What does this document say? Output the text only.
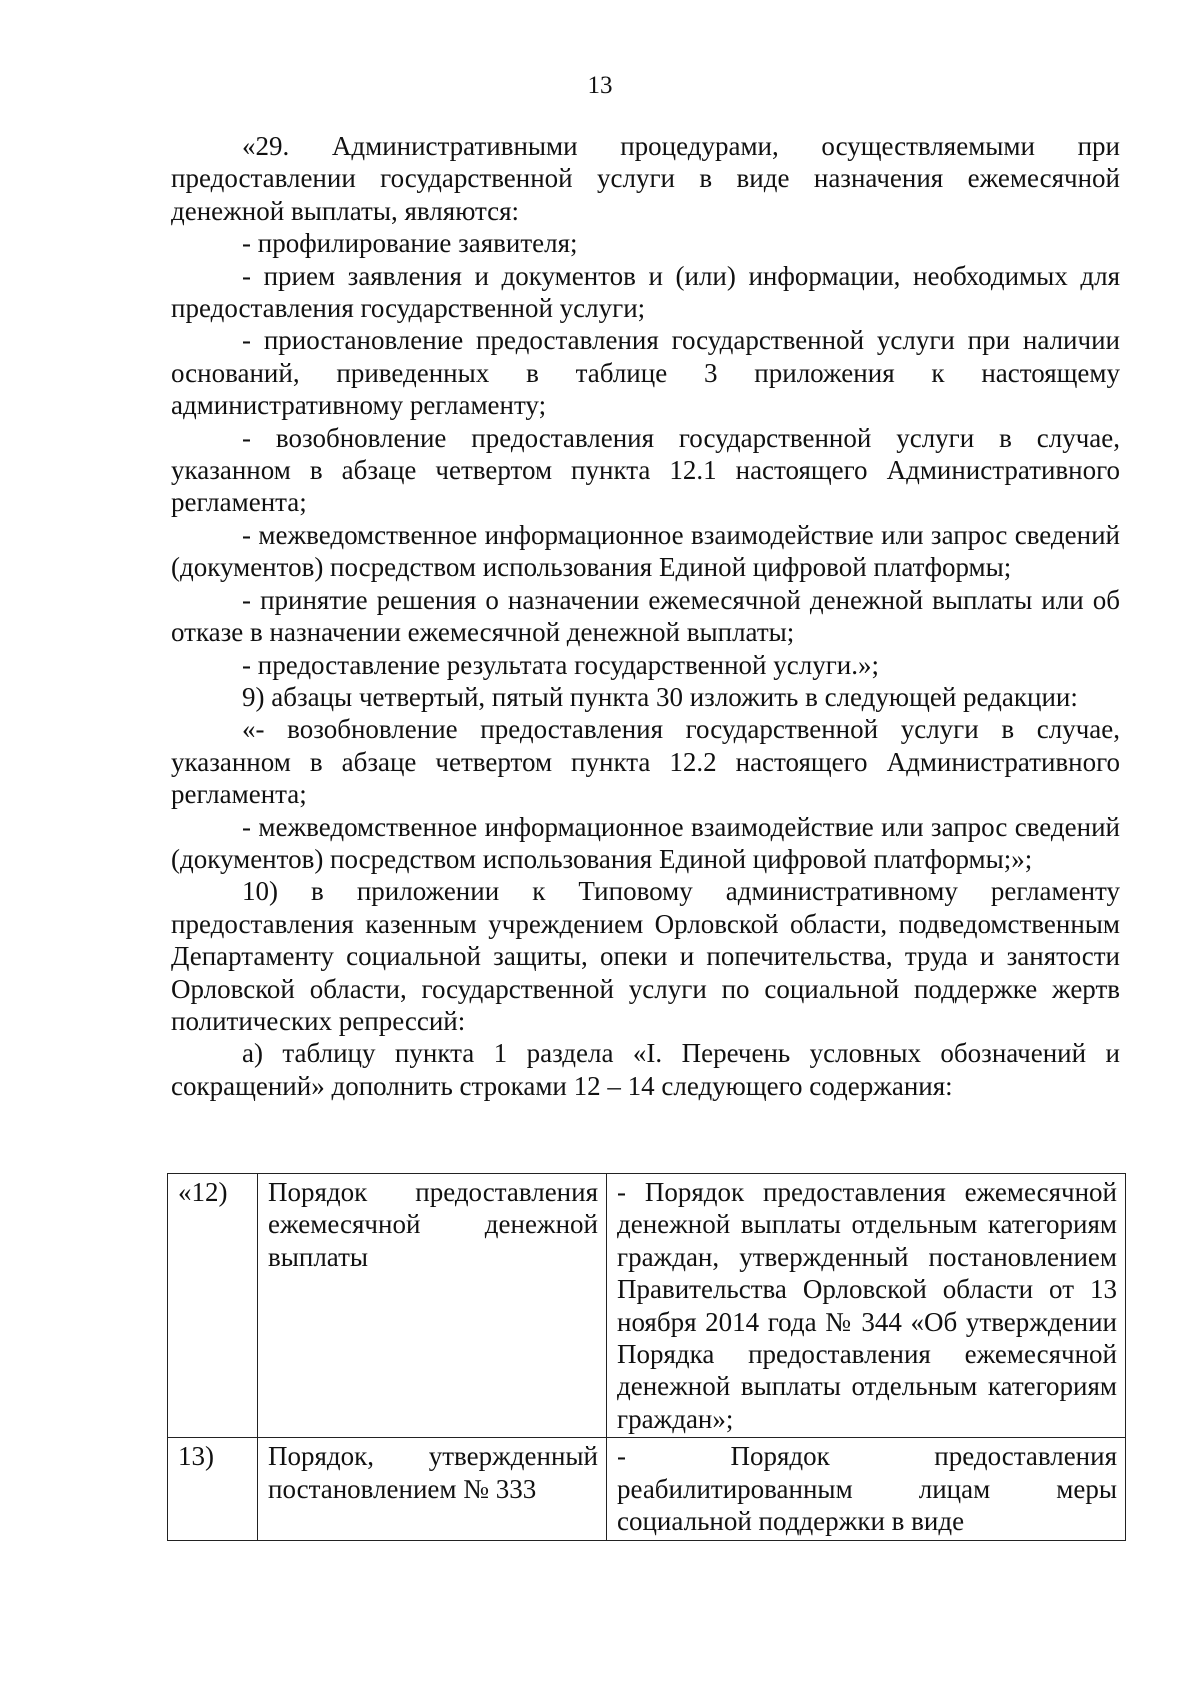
13

«29. Административными процедурами, осуществляемыми при предоставлении государственной услуги в виде назначения ежемесячной денежной выплаты, являются:

- профилирование заявителя;

- прием заявления и документов и (или) информации, необходимых для предоставления государственной услуги;

- приостановление предоставления государственной услуги при наличии оснований, приведенных в таблице 3 приложения к настоящему административному регламенту;

- возобновление предоставления государственной услуги в случае, указанном в абзаце четвертом пункта 12.1 настоящего Административного регламента;

- межведомственное информационное взаимодействие или запрос сведений (документов) посредством использования Единой цифровой платформы;

- принятие решения о назначении ежемесячной денежной выплаты или об отказе в назначении ежемесячной денежной выплаты;

- предоставление результата государственной услуги.»;

9) абзацы четвертый, пятый пункта 30 изложить в следующей редакции:

«- возобновление предоставления государственной услуги в случае, указанном в абзаце четвертом пункта 12.2 настоящего Административного регламента;

- межведомственное информационное взаимодействие или запрос сведений (документов) посредством использования Единой цифровой платформы;»;

10) в приложении к Типовому административному регламенту предоставления казенным учреждением Орловской области, подведомственным Департаменту социальной защиты, опеки и попечительства, труда и занятости Орловской области, государственной услуги по социальной поддержке жертв политических репрессий:

а) таблицу пункта 1 раздела «I. Перечень условных обозначений и сокращений» дополнить строками 12 – 14 следующего содержания:

«12)	Порядок предоставления ежемесячной денежной выплаты	- Порядок предоставления ежемесячной денежной выплаты отдельным категориям граждан, утвержденный постановлением Правительства Орловской области от 13 ноября 2014 года № 344 «Об утверждении Порядка предоставления ежемесячной денежной выплаты отдельным категориям граждан»;
13)	Порядок, утвержденный постановлением № 333	- Порядок предоставления реабилитированным лицам меры социальной поддержки в виде
